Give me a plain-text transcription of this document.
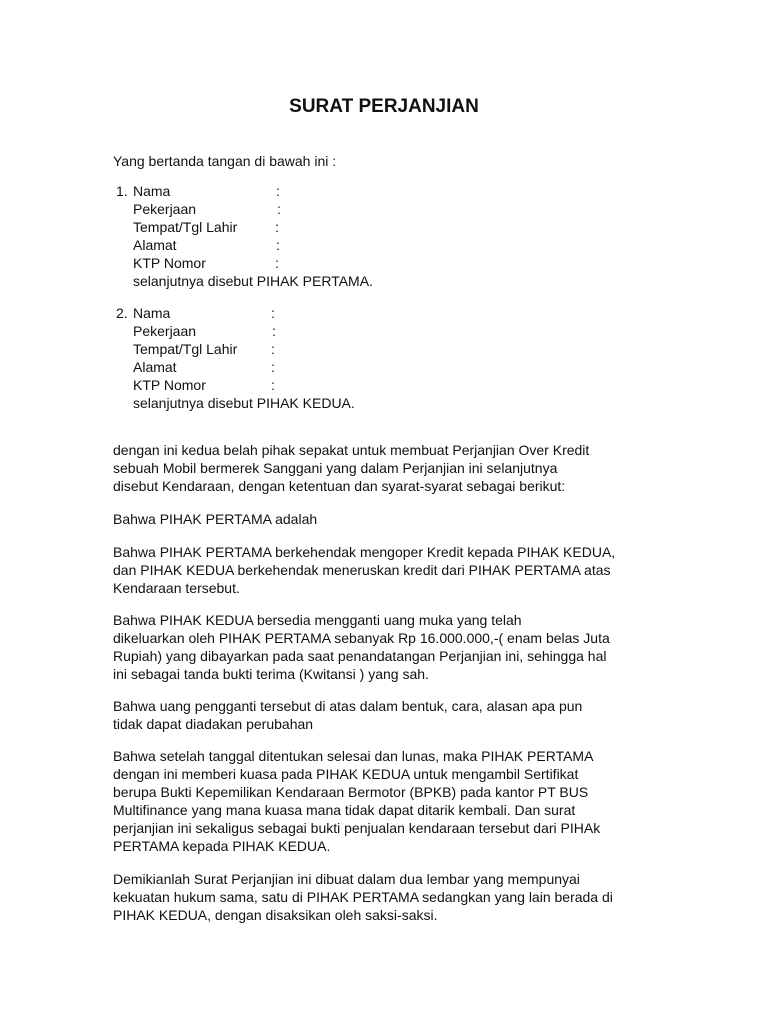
SURAT PERJANJIAN
Yang bertanda tangan di bawah ini :
1. Nama	:
Pekerjaan	:
Tempat/Tgl Lahir	:
Alamat	:
KTP Nomor	:
selanjutnya disebut PIHAK PERTAMA.
2. Nama	:
Pekerjaan	:
Tempat/Tgl Lahir :
Alamat	:
KTP Nomor	:
selanjutnya disebut PIHAK KEDUA.
dengan ini kedua belah pihak sepakat untuk membuat Perjanjian Over Kredit
sebuah Mobil bermerek Sanggani yang dalam Perjanjian ini selanjutnya
disebut Kendaraan, dengan ketentuan dan syarat-syarat sebagai berikut:
Bahwa PIHAK PERTAMA adalah
Bahwa PIHAK PERTAMA berkehendak mengoper Kredit kepada PIHAK KEDUA,
dan PIHAK KEDUA berkehendak meneruskan kredit dari PIHAK PERTAMA atas
Kendaraan tersebut.
Bahwa PIHAK KEDUA bersedia mengganti uang muka yang telah
dikeluarkan oleh PIHAK PERTAMA sebanyak Rp 16.000.000,-( enam belas Juta
Rupiah) yang dibayarkan pada saat penandatangan Perjanjian ini, sehingga hal
ini sebagai tanda bukti terima (Kwitansi ) yang sah.
Bahwa uang pengganti tersebut di atas dalam bentuk, cara, alasan apa pun
tidak dapat diadakan perubahan
Bahwa setelah tanggal ditentukan selesai dan lunas, maka PIHAK PERTAMA
dengan ini memberi kuasa pada PIHAK KEDUA untuk mengambil Sertifikat
berupa Bukti Kepemilikan Kendaraan Bermotor (BPKB) pada kantor PT BUS
Multifinance yang mana kuasa mana tidak dapat ditarik kembali. Dan surat
perjanjian ini sekaligus sebagai bukti penjualan kendaraan tersebut dari PIHAk
PERTAMA kepada PIHAK KEDUA.
Demikianlah Surat Perjanjian ini dibuat dalam dua lembar yang mempunyai
kekuatan hukum sama, satu di PIHAK PERTAMA sedangkan yang lain berada di
PIHAK KEDUA, dengan disaksikan oleh saksi-saksi.
